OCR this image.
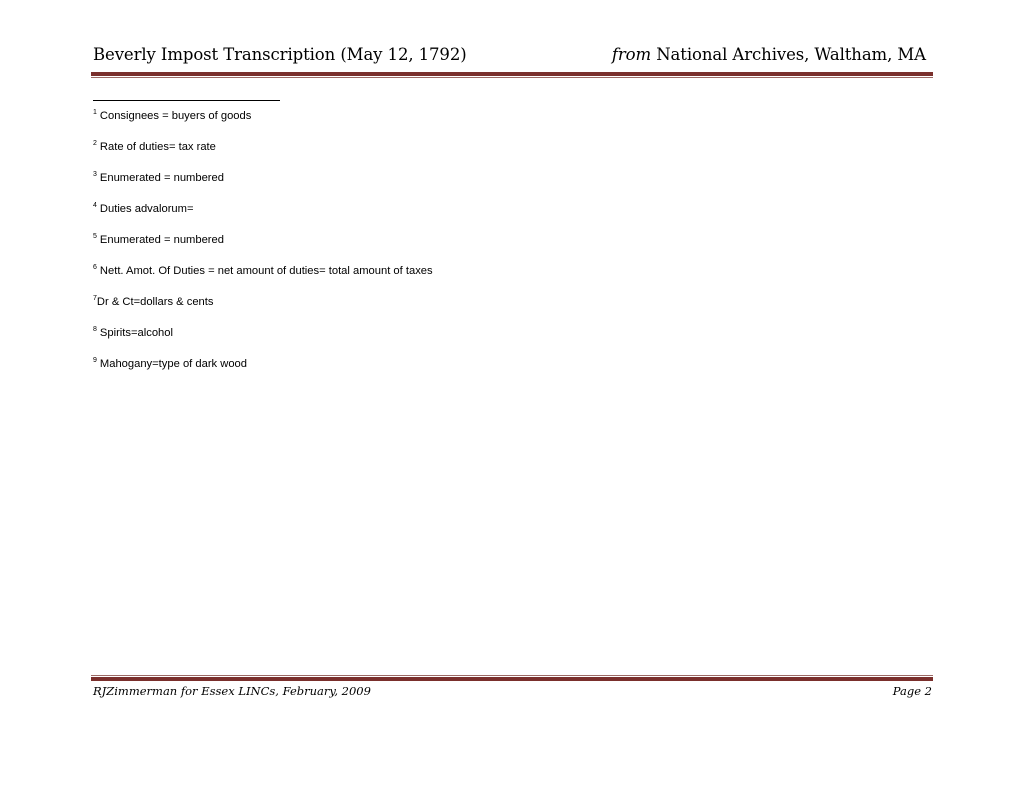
Beverly Impost Transcription (May 12, 1792)	from National Archives, Waltham, MA
$^1$ Consignees = buyers of goods
$^2$ Rate of duties= tax rate
$^3$ Enumerated = numbered
$^4$ Duties advalorum=
$^5$ Enumerated = numbered
$^6$ Nett. Amot. Of Duties = net amount of duties= total amount of taxes
$^7$Dr & Ct=dollars & cents
$^8$ Spirits=alcohol
$^9$ Mahogany=type of dark wood
RJZimmerman for Essex LINCs, February, 2009	Page 2
